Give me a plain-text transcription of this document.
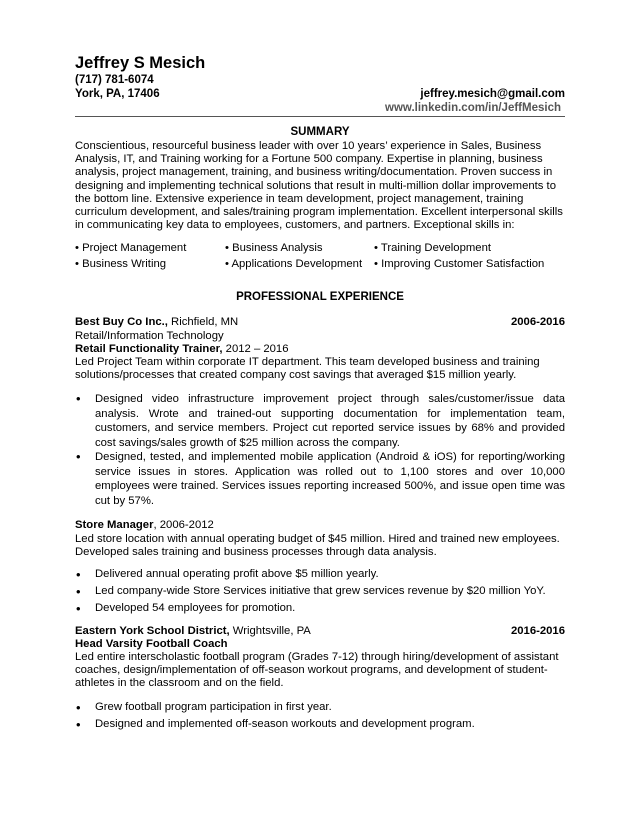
Jeffrey S Mesich
(717) 781-6074
York, PA, 17406	jeffrey.mesich@gmail.com
www.linkedin.com/in/JeffMesich
SUMMARY
Conscientious, resourceful business leader with over 10 years’ experience in Sales, Business Analysis, IT, and Training working for a Fortune 500 company. Expertise in planning, business analysis, project management, training, and business writing/documentation. Proven success in designing and implementing technical solutions that result in multi-million dollar improvements to the bottom line. Extensive experience in team development, project management, training curriculum development, and sales/training program implementation. Excellent interpersonal skills in communicating key data to employees, customers, and partners. Exceptional skills in:
• Project Management	• Business Analysis	• Training Development
• Business Writing	• Applications Development	• Improving Customer Satisfaction
PROFESSIONAL EXPERIENCE
Best Buy Co Inc., Richfield, MN	2006-2016
Retail/Information Technology
Retail Functionality Trainer, 2012 – 2016
Led Project Team within corporate IT department. This team developed business and training solutions/processes that created company cost savings that averaged $15 million yearly.
• Designed video infrastructure improvement project through sales/customer/issue data analysis. Wrote and trained-out supporting documentation for implementation team, customers, and service members. Project cut reported service issues by 68% and provided cost savings/sales growth of $25 million across the company.
• Designed, tested, and implemented mobile application (Android & iOS) for reporting/working service issues in stores. Application was rolled out to 1,100 stores and over 10,000 employees were trained. Services issues reporting increased 500%, and issue open time was cut by 57%.
Store Manager, 2006-2012
Led store location with annual operating budget of $45 million. Hired and trained new employees. Developed sales training and business processes through data analysis.
• Delivered annual operating profit above $5 million yearly.
• Led company-wide Store Services initiative that grew services revenue by $20 million YoY.
• Developed 54 employees for promotion.
Eastern York School District, Wrightsville, PA	2016-2016
Head Varsity Football Coach
Led entire interscholastic football program (Grades 7-12) through hiring/development of assistant coaches, design/implementation of off-season workout programs, and development of student-athletes in the classroom and on the field.
• Grew football program participation in first year.
• Designed and implemented off-season workouts and development program.
